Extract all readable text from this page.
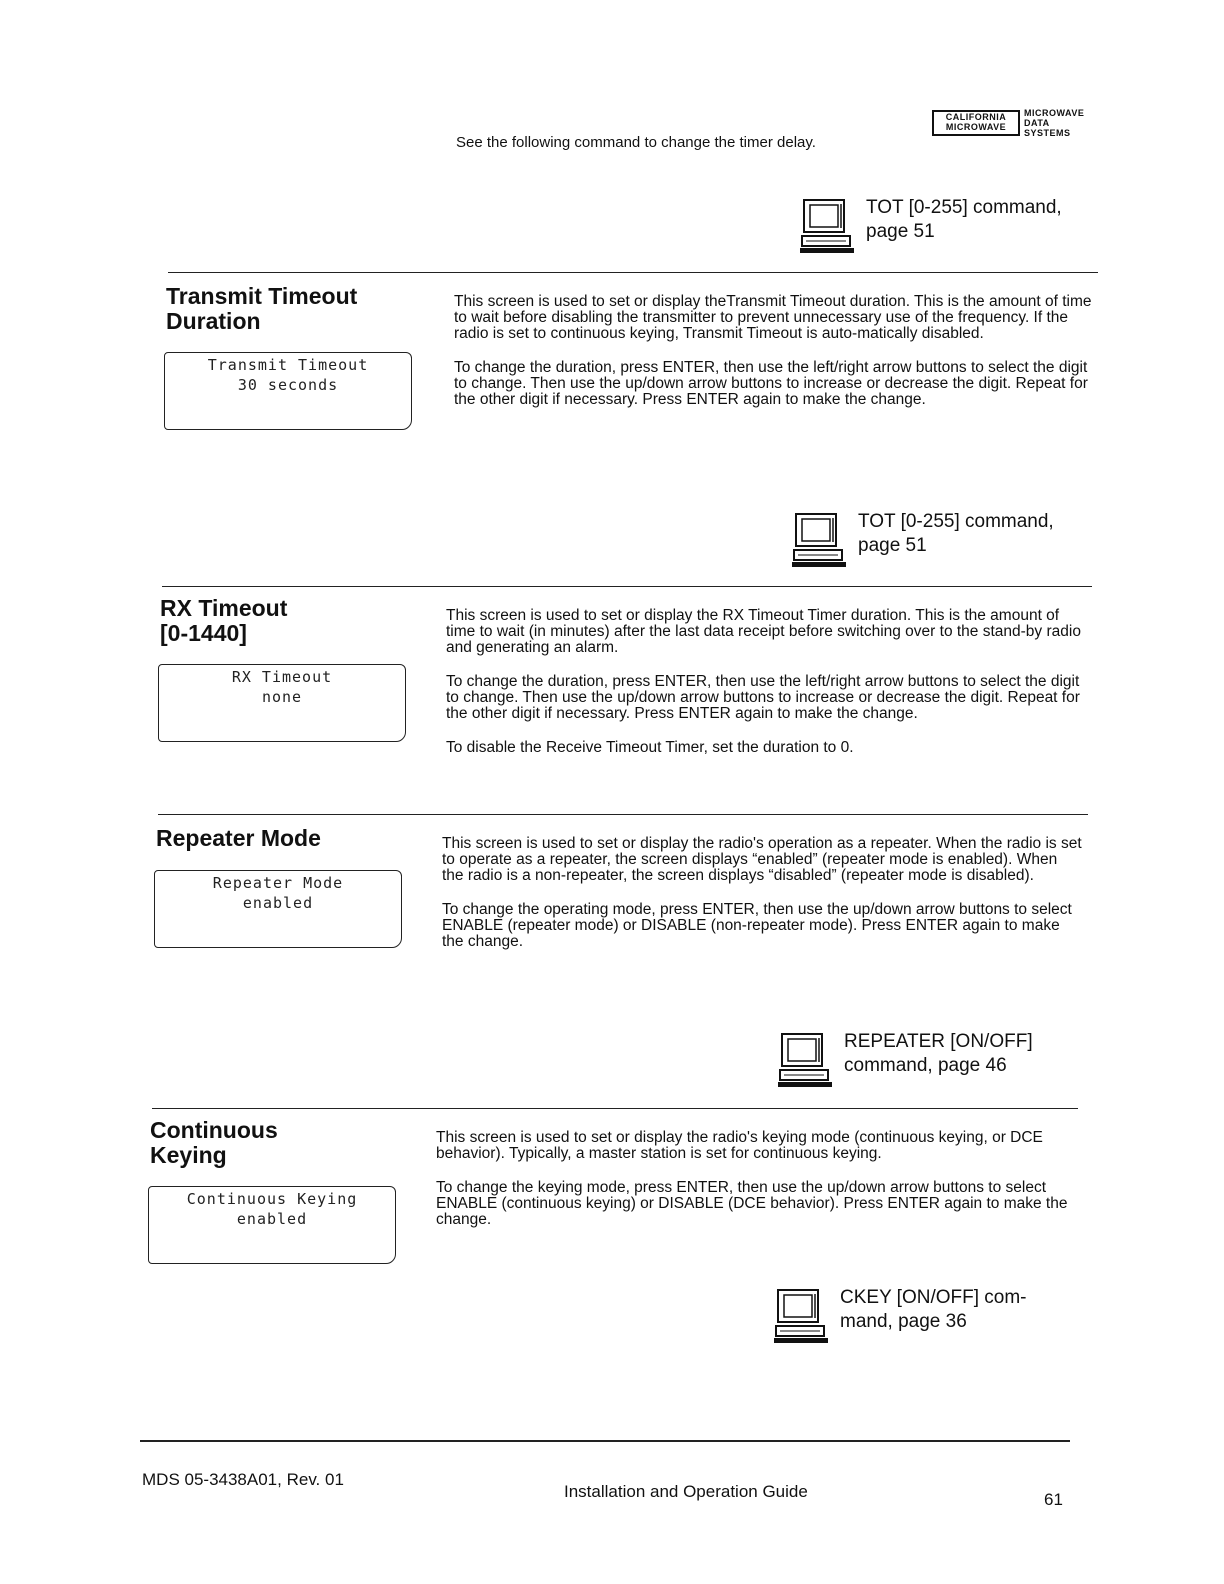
CALIFORNIA
MICROWAVE
MICROWAVE
DATA
SYSTEMS
See the following command to change the timer delay.
TOT [0-255] command,
page 51
Transmit Timeout
Duration
Transmit Timeout
30 seconds

This screen is used to set or display theTransmit Timeout duration. This is the amount of time to wait before disabling the transmitter to prevent unnecessary use of the frequency. If the radio is set to continuous keying, Transmit Timeout is auto-matically disabled.

To change the duration, press ENTER, then use the left/right arrow buttons to select the digit to change. Then use the up/down arrow buttons to increase or decrease the digit. Repeat for the other digit if necessary. Press ENTER again to make the change.

TOT [0-255] command,
page 51
RX Timeout
[0-1440]
RX Timeout
none

This screen is used to set or display the RX Timeout Timer duration. This is the amount of time to wait (in minutes) after the last data receipt before switching over to the stand-by radio and generating an alarm.

To change the duration, press ENTER, then use the left/right arrow buttons to select the digit to change. Then use the up/down arrow buttons to increase or decrease the digit. Repeat for the other digit if necessary. Press ENTER again to make the change.

To disable the Receive Timeout Timer, set the duration to 0.

Repeater Mode
Repeater Mode
enabled

This screen is used to set or display the radio's operation as a repeater. When the radio is set to operate as a repeater, the screen displays “enabled” (repeater mode is enabled). When the radio is a non-repeater, the screen displays “disabled” (repeater mode is disabled).

To change the operating mode, press ENTER, then use the up/down arrow buttons to select ENABLE (repeater mode) or DISABLE (non-repeater mode). Press ENTER again to make the change.

REPEATER [ON/OFF]
command, page 46
Continuous
Keying
Continuous Keying
enabled

This screen is used to set or display the radio's keying mode (continuous keying, or DCE behavior). Typically, a master station is set for continuous keying.

To change the keying mode, press ENTER, then use the up/down arrow buttons to select ENABLE (continuous keying) or DISABLE (DCE behavior). Press ENTER again to make the change.

CKEY [ON/OFF] com-
mand, page 36
MDS 05-3438A01, Rev. 01
Installation and Operation Guide	61
